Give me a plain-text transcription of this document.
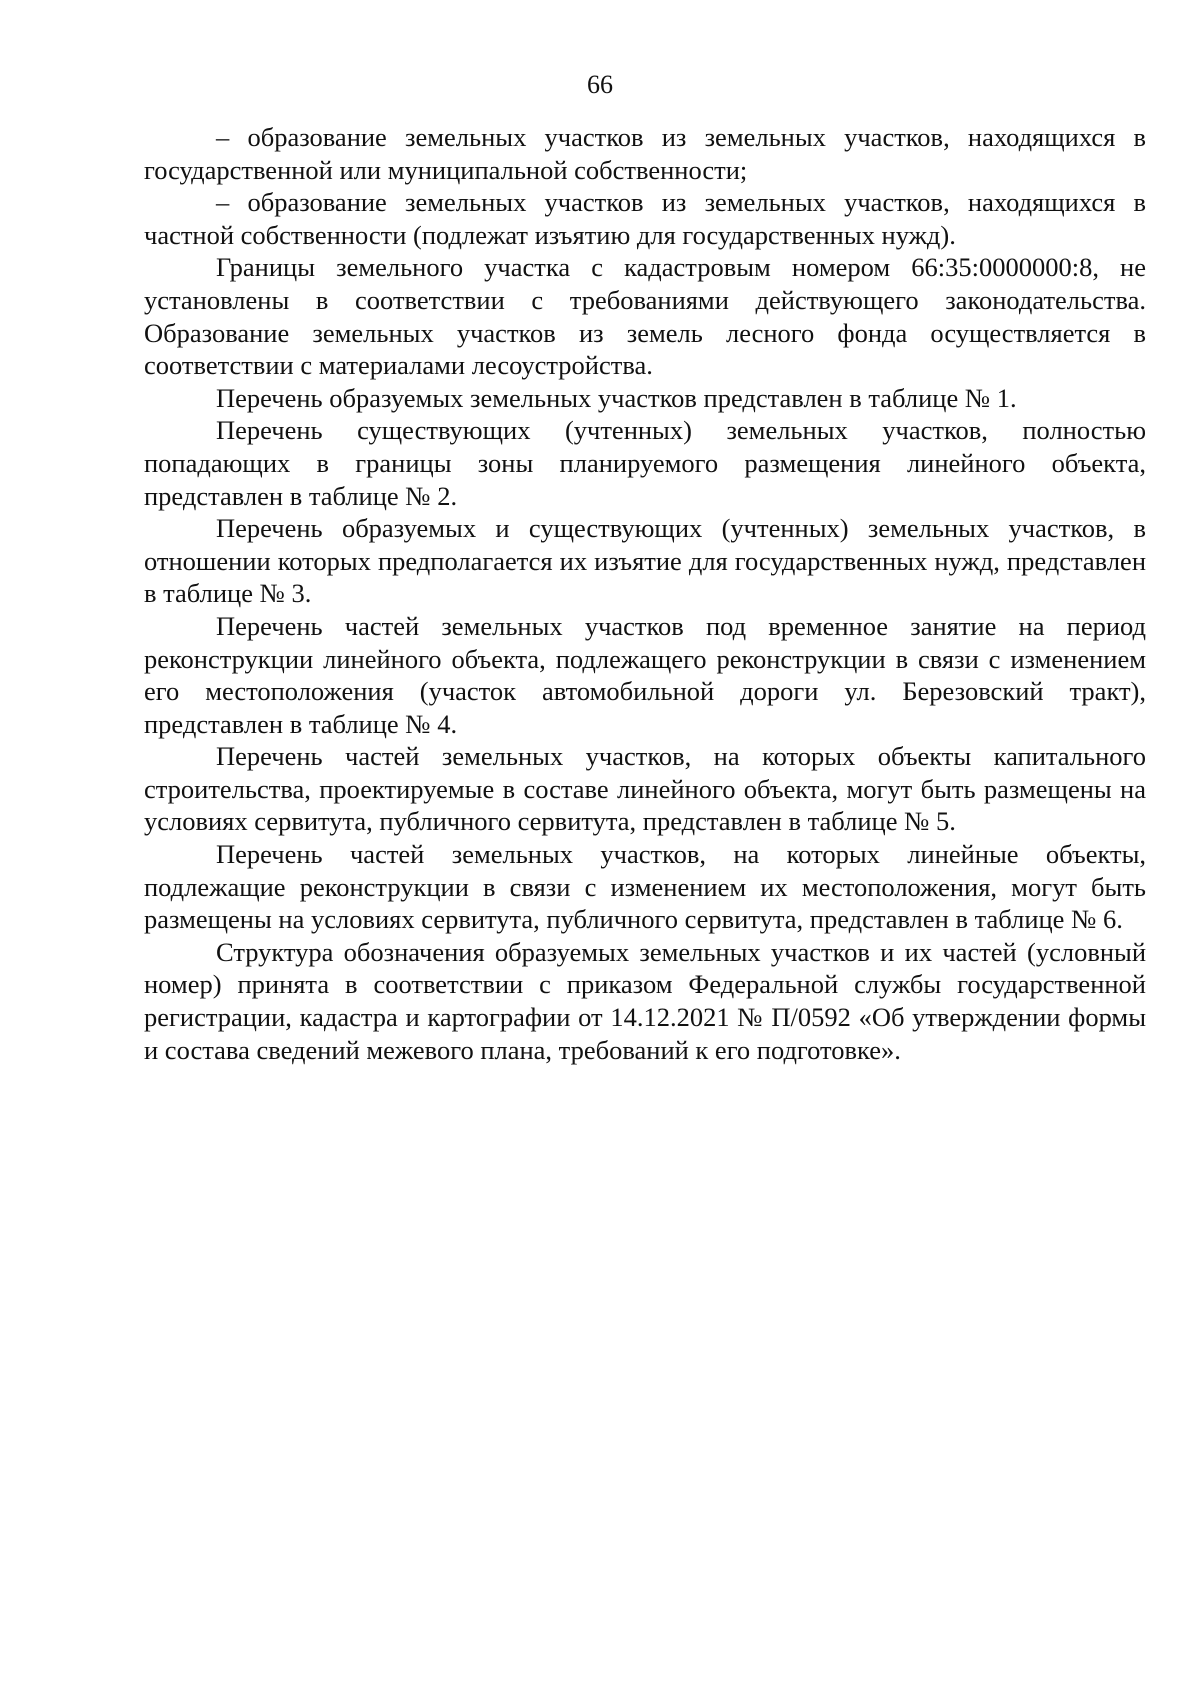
66

– образование земельных участков из земельных участков, находящихся в государственной или муниципальной собственности;

– образование земельных участков из земельных участков, находящихся в частной собственности (подлежат изъятию для государственных нужд).

Границы земельного участка с кадастровым номером 66:35:0000000:8, не установлены в соответствии с требованиями действующего законодательства. Образование земельных участков из земель лесного фонда осуществляется в соответствии с материалами лесоустройства.

Перечень образуемых земельных участков представлен в таблице № 1.

Перечень существующих (учтенных) земельных участков, полностью попадающих в границы зоны планируемого размещения линейного объекта, представлен в таблице № 2.

Перечень образуемых и существующих (учтенных) земельных участков, в отношении которых предполагается их изъятие для государственных нужд, представлен в таблице № 3.

Перечень частей земельных участков под временное занятие на период реконструкции линейного объекта, подлежащего реконструкции в связи с изменением его местоположения (участок автомобильной дороги ул. Березовский тракт), представлен в таблице № 4.

Перечень частей земельных участков, на которых объекты капитального строительства, проектируемые в составе линейного объекта, могут быть размещены на условиях сервитута, публичного сервитута, представлен в таблице № 5.

Перечень частей земельных участков, на которых линейные объекты, подлежащие реконструкции в связи с изменением их местоположения, могут быть размещены на условиях сервитута, публичного сервитута, представлен в таблице № 6.

Структура обозначения образуемых земельных участков и их частей (условный номер) принята в соответствии с приказом Федеральной службы государственной регистрации, кадастра и картографии от 14.12.2021 № П/0592 «Об утверждении формы и состава сведений межевого плана, требований к его подготовке».
